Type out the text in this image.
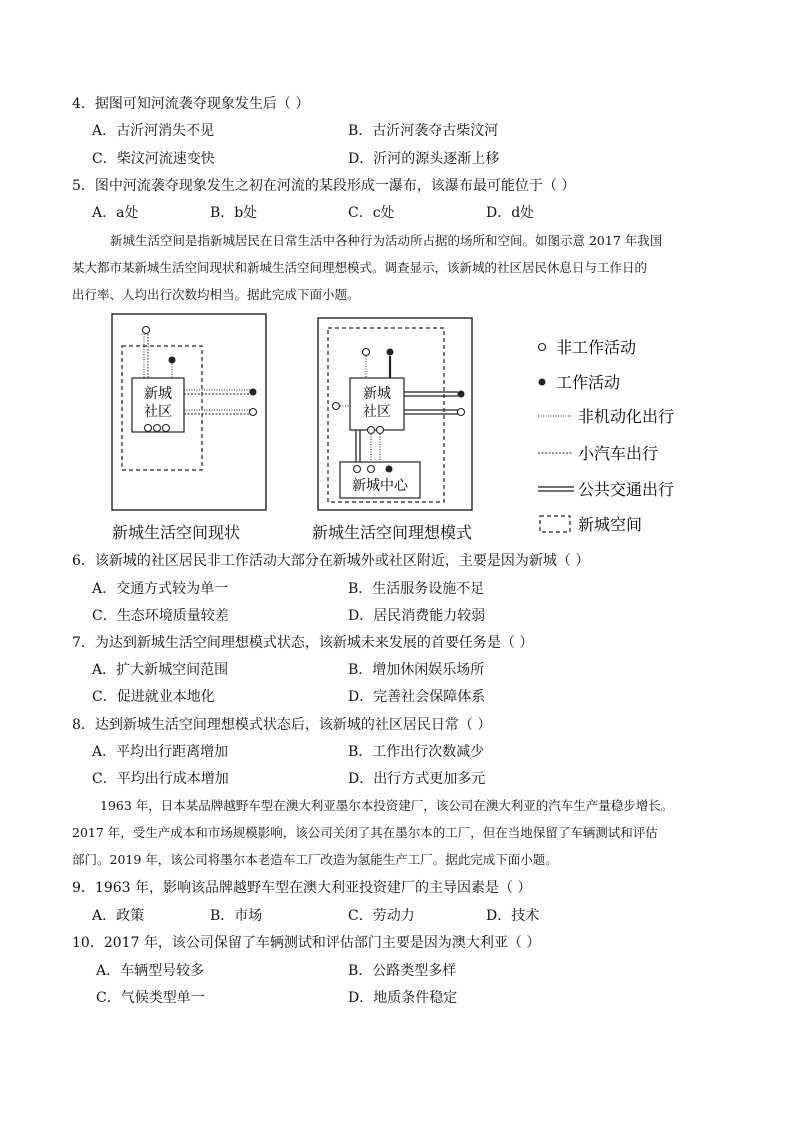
4．据图可知河流袭夺现象发生后（ ）
A．古沂河消失不见	B．古沂河袭夺古柴汶河
C．柴汶河流速变快	D．沂河的源头逐渐上移
5．图中河流袭夺现象发生之初在河流的某段形成一瀑布，该瀑布最可能位于（ ）
A．a处	B．b处	C．c处	D．d处
新城生活空间是指新城居民在日常生活中各种行为活动所占据的场所和空间。如图示意 2017 年我国
某大都市某新城生活空间现状和新城生活空间理想模式。调查显示，该新城的社区居民休息日与工作日的
出行率、人均出行次数均相当。据此完成下面小题。
新城
社区
新城
社区
新城中心
非工作活动
工作活动
非机动化出行
小汽车出行
公共交通出行
新城空间
新城生活空间现状	新城生活空间理想模式
6．该新城的社区居民非工作活动大部分在新城外或社区附近，主要是因为新城（ ）
A．交通方式较为单一	B．生活服务设施不足
C．生态环境质量较差	D．居民消费能力较弱
7．为达到新城生活空间理想模式状态，该新城未来发展的首要任务是（ ）
A．扩大新城空间范围	B．增加休闲娱乐场所
C．促进就业本地化	D．完善社会保障体系
8．达到新城生活空间理想模式状态后，该新城的社区居民日常（ ）
A．平均出行距离增加	B．工作出行次数减少
C．平均出行成本增加	D．出行方式更加多元
1963 年，日本某品牌越野车型在澳大利亚墨尔本投资建厂，该公司在澳大利亚的汽车生产量稳步增长。
2017 年，受生产成本和市场规模影响，该公司关闭了其在墨尔本的工厂，但在当地保留了车辆测试和评估
部门。2019 年，该公司将墨尔本老造车工厂改造为氢能生产工厂。据此完成下面小题。
9．1963 年，影响该品牌越野车型在澳大利亚投资建厂的主导因素是（ ）
A．政策	B．市场	C．劳动力	D．技术
10．2017 年，该公司保留了车辆测试和评估部门主要是因为澳大利亚（ ）
A．车辆型号较多	B．公路类型多样
C．气候类型单一	D．地质条件稳定
